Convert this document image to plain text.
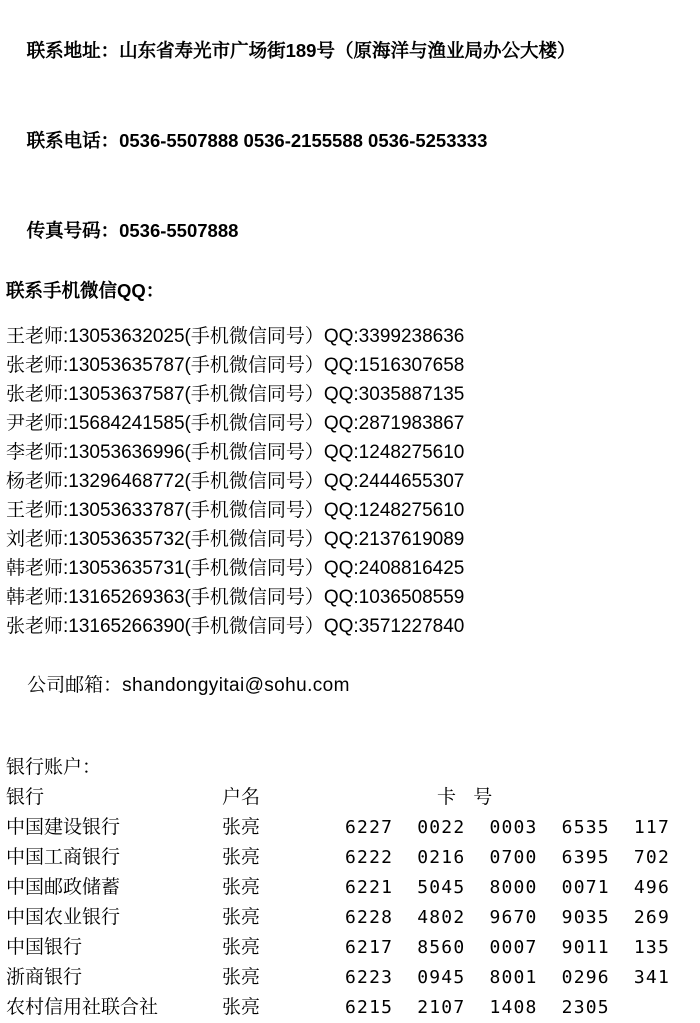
联系地址：山东省寿光市广场街189号（原海洋与渔业局办公大楼）

联系电话：0536-5507888 0536-2155588 0536-5253333

传真号码：0536-5507888

联系手机微信QQ：
王老师:13053632025(手机微信同号）QQ:3399238636
张老师:13053635787(手机微信同号）QQ:1516307658
张老师:13053637587(手机微信同号）QQ:3035887135
尹老师:15684241585(手机微信同号）QQ:2871983867
李老师:13053636996(手机微信同号）QQ:1248275610
杨老师:13296468772(手机微信同号）QQ:2444655307
王老师:13053633787(手机微信同号）QQ:1248275610
刘老师:13053635732(手机微信同号）QQ:2137619089
韩老师:13053635731(手机微信同号）QQ:2408816425
韩老师:13165269363(手机微信同号）QQ:1036508559
张老师:13165266390(手机微信同号）QQ:3571227840

公司邮箱：shandongyitai@sohu.com

银行账户：
银行	户名	卡 号
中国建设银行	张亮	6227  0022  0003  6535  117
中国工商银行	张亮	6222  0216  0700  6395  702
中国邮政储蓄	张亮	6221  5045  8000  0071  496
中国农业银行	张亮	6228  4802  9670  9035  269
中国银行	张亮	6217  8560  0007  9011  135
浙商银行	张亮	6223  0945  8001  0296  341
农村信用社联合社	张亮	6215  2107  1408  2305
